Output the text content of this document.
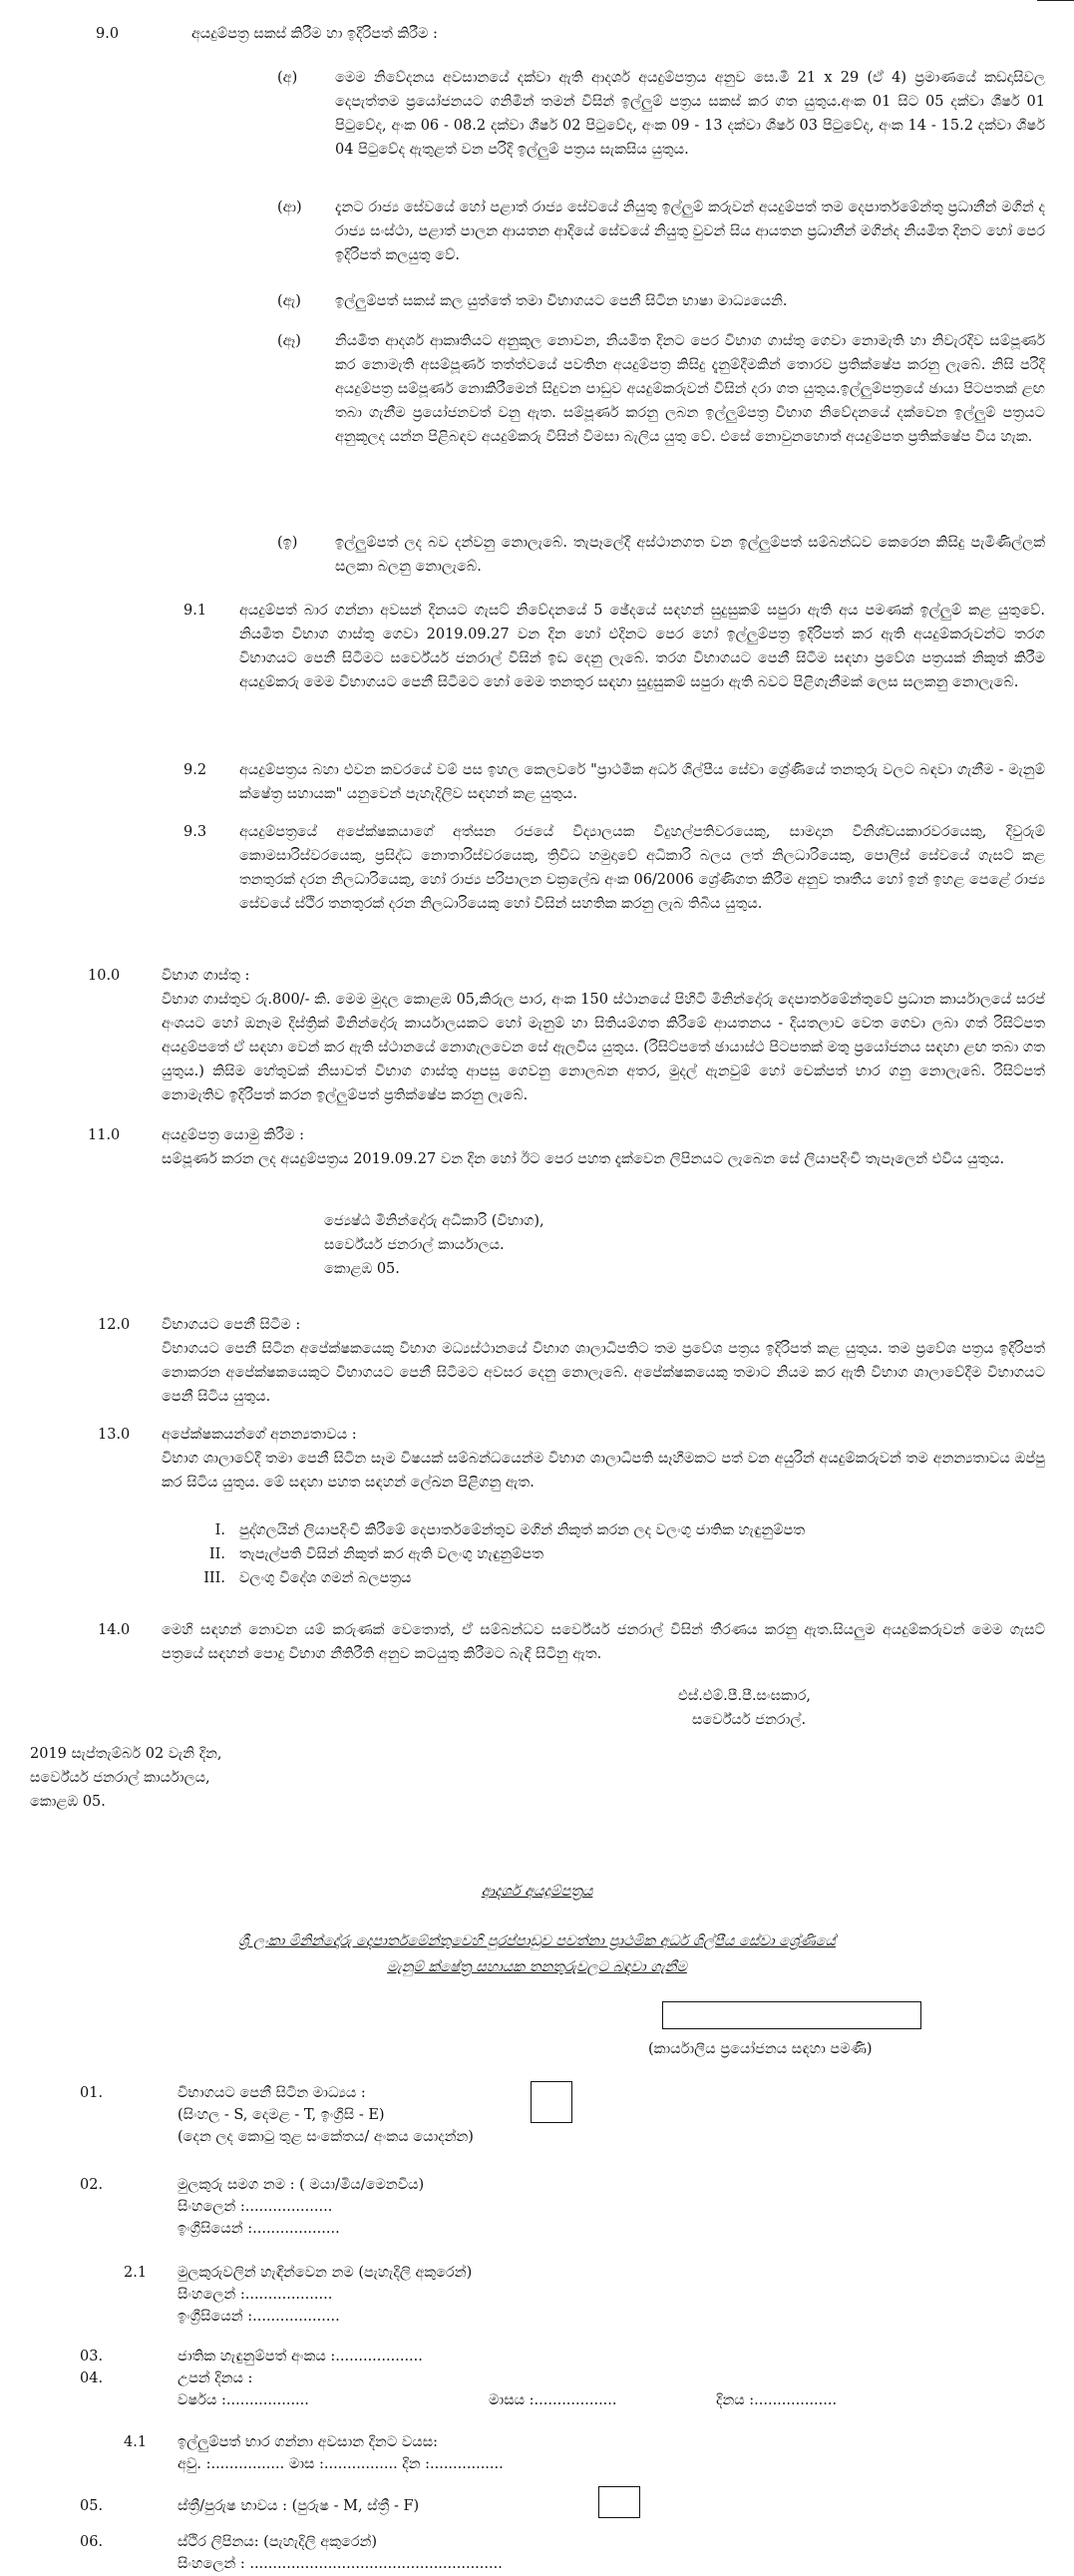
9.0	අයදුම්පත්‍ර සකස් කිරීම හා ඉදිරිපත් කිරීම :
(අ)	මෙම නිවේදනය අවසානයේ දක්වා ඇති ආදර්ශ අයදුම්පත්‍රය අනුව සෙ.මී 21 x 29 (ඒ 4) ප්‍රමාණයේ කඩදාසිවල දෙපැත්තම ප්‍රයෝජනයට ගනිමින් තමන් විසින් ඉල්ලුම් පත්‍රය සකස් කර ගත යුතුය.අංක 01 සිට 05 දක්වා ශීර්ෂ 01 පිටුවේද, අංක 06 - 08.2 දක්වා ශීර්ෂ 02 පිටුවේද, අංක 09 - 13 දක්වා ශීර්ෂ 03 පිටුවේද, අංක 14 - 15.2 දක්වා ශීර්ෂ 04 පිටුවේද ඇතුළත් වන පරිදි ඉල්ලුම් පත්‍රය සැකසිය යුතුය.
(ආ) දැනට රාජ්‍ය සේවයේ හෝ පළාත් රාජ්‍ය සේවයේ නියුතු ඉල්ලුම් කරුවන් අයදුම්පත් තම දෙපාර්තමේන්තු ප්‍රධානීන් මගින් ද රාජ්‍ය සංස්ථා, පළාත් පාලන ආයතන ආදියේ සේවයේ නියුතු වුවන් සිය ආයතන ප්‍රධානීන් මගින්ද නියමිත දිනට හෝ පෙර ඉදිරිපත් කලයුතු වේ.
(ඇ) ඉල්ලුම්පත් සකස් කල යුත්තේ තමා විභාගයට පෙනී සිටින භාෂා මාධ්‍යයෙනි.
(ඈ) නියමිත ආදර්ශ ආකෘතියට අනුකූල නොවන, නියමිත දිනට පෙර විභාග ගාස්තු ගෙවා නොමැති හා නිවැරදිව සම්පූර්ණ කර නොමැති අසම්පූර්ණ තත්ත්වයේ පවතින අයදුම්පත්‍ර කිසිදු දැනුම්දීමකින් තොරව ප්‍රතික්ෂේප කරනු ලැබේ. නිසි පරිදි අයදුම්පත්‍ර සම්පූර්ණ නොකිරීමෙන් සිදුවන පාඩුව අයදුම්කරුවන් විසින් දරා ගත යුතුය.ඉල්ලුම්පත්‍රයේ ඡායා පිටපතක් ළඟ තබා ගැනීම ප්‍රයෝජනවත් වනු ඇත. සම්පූර්ණ කරනු ලබන ඉල්ලුම්පත්‍ර විභාග නිවේදනයේ දක්වෙන ඉල්ලුම් පත්‍රයට අනුකූලද යන්න පිළිබඳව අයදුම්කරු විසින් විමසා බැලිය යුතු වේ. එසේ නොවුනහොත් අයදුම්පත ප්‍රතික්ෂේප විය හැක.
(ඉ)	ඉල්ලුම්පත් ලද බව දන්වනු නොලැබේ. තැපෑලේදී අස්ථානගත වන ඉල්ලුම්පත් සම්බන්ධව කෙරෙන කිසිදු පැමිණිල්ලක් සලකා බලනු නොලැබේ.
9.1 අයදුම්පත් බාර ගන්නා අවසන් දිනයට ගැසට් නිවේදනයේ 5 ඡේදයේ සඳහන් සුදුසුකම් සපුරා ඇති අය පමණක් ඉල්ලුම් කළ යුතුවේ. නියමිත විභාග ගාස්තු ගෙවා 2019.09.27 වන දින හෝ එදිනට පෙර හෝ ඉල්ලුම්පත්‍ර ඉදිරිපත් කර ඇති අයදුම්කරුවන්ට තරග විභාගයට පෙනී සිටීමට සර්වේයර් ජනරාල් විසින් ඉඩ දෙනු ලැබේ. තරග විභාගයට පෙනී සිටීම සඳහා ප්‍රවේශ පත්‍රයක් නිකුත් කිරීම අයදුම්කරු මෙම විභාගයට පෙනී සිටීමට හෝ මෙම තනතුර සඳහා සුදුසුකම් සපුරා ඇති බවට පිළිගැනීමක් ලෙස සලකනු නොලැබේ.
9.2 අයදුම්පත්‍රය බහා එවන කවරයේ වම් පස ඉහල කෙලවරේ "ප්‍රාථමික අර්ධ ශිල්පීය සේවා ශ්‍රේණියේ තනතුරු වලට බඳවා ගැනීම - මැනුම් ක්ෂේත්‍ර සහායක" යනුවෙන් පැහැදිලිව සඳහන් කළ යුතුය.
9.3 අයදුම්පත්‍රයේ අපේක්ෂකයාගේ අත්සන රජයේ විද්‍යාලයක විදුහල්පතිවරයෙකු, සාමදාන විනිශ්චයකාරවරයෙකු, දිවුරුම් කොමසාරිස්වරයෙකු, ප්‍රසිද්ධ නොතාරිස්වරයෙකු, ත්‍රිවිධ හමුදාවේ අධිකාරි බලය ලත් නිලධාරියෙකු, පොලිස් සේවයේ ගැසට් කළ තනතුරක් දරන නිලධාරියෙකු, හෝ රාජ්‍ය පරිපාලන චක්‍රලේඛ අංක 06/2006 ශ්‍රේණිගත කිරීම අනුව තෘතීය හෝ ඉන් ඉහළ පෙළේ රාජ්‍ය සේවයේ ස්ථිර තනතුරක් දරන නිලධාරියෙකු හෝ විසින් සහතික කරනු ලැබ තිබිය යුතුය.
10.0	විභාග ගාස්තු :
විභාග ගාස්තුව රු.800/- කි. මෙම මුදල කොළඹ 05,කිරුල පාර, අංක 150 ස්ථානයේ පිහිටි මිනින්දෝරු දෙපාර්තමේන්තුවේ ප්‍රධාන කාර්යාලයේ සරප් අංශයට හෝ ඔනෑම දිස්ත්‍රික් මිනින්දෝරු කාර්යාලයකට හෝ මැනුම් හා සිතියම්ගත කිරීමේ ආයතනය - දියතලාව වෙත ගෙවා ලබා ගත් රිසිට්පත අයදුම්පතේ ඒ සඳහා වෙන් කර ඇති ස්ථානයේ නොගැලවෙන සේ ඇලවිය යුතුය. (රිසිට්පතේ ඡායාස්ථ පිටපතක් මතු ප්‍රයෝජනය සඳහා ළඟ තබා ගත යුතුය.) කිසිම හේතුවක් නිසාවත් විභාග ගාස්තු ආපසු ගෙවනු නොලබන අතර, මුදල් ඇනවුම් හෝ චෙක්පත් භාර ගනු නොලැබේ. රිසිට්පත් නොමැතිව ඉදිරිපත් කරන ඉල්ලුම්පත් ප්‍රතික්ෂේප කරනු ලැබේ.
11.0	අයදුම්පත්‍ර යොමු කිරීම :
සම්පූර්ණ කරන ලද අයදුම්පත්‍රය 2019.09.27 වන දින හෝ ඊට පෙර පහත දැක්වෙන ලිපිනයට ලැබෙන සේ ලියාපදිංචි තැපෑලෙන් එවිය යුතුය.
ජ්‍යෙෂ්ඨ මිනින්දෝරු අධිකාරි (විභාග),
සර්වේයර් ජනරාල් කාර්යාලය.
කොළඹ 05.
12.0 විභාගයට පෙනී සිටීම :
විභාගයට පෙනී සිටින අපේක්ෂකයෙකු විභාග මධ්‍යස්ථානයේ විභාග ශාලාධිපතිට තම ප්‍රවේශ පත්‍රය ඉදිරිපත් කළ යුතුය. තම ප්‍රවේශ පත්‍රය ඉදිරිපත් නොකරන අපේක්ෂකයෙකුට විභාගයට පෙනී සිටීමට අවසර දෙනු නොලැබේ. අපේක්ෂකයෙකු තමාට නියම කර ඇති විභාග ශාලාවේදීම විභාගයට පෙනී සිටිය යුතුය.
13.0 අපේක්ෂකයන්ගේ අනන්‍යතාවය :
විභාග ශාලාවේදී තමා පෙනී සිටින සෑම විෂයක් සම්බන්ධයෙන්ම විභාග ශාලාධිපති සෑහීමකට පත් වන අයුරින් අයදුම්කරුවන් තම අනන්‍යතාවය ඔප්පු කර සිටිය යුතුය. මේ සඳහා පහත සඳහන් ලේඛන පිළිගනු ඇත.
I. පුද්ගලයින් ලියාපදිංචි කිරීමේ දෙපාර්තමේන්තුව මගින් නිකුත් කරන ලද වලංගු ජාතික හැඳුනුම්පත
II. තැපැල්පති විසින් නිකුත් කර ඇති වලංගු හැඳුනුම්පත
III. වලංගු විදේශ ගමන් බලපත්‍රය
14.0 මෙහි සඳහන් නොවන යම් කරුණක් වෙතොත්, ඒ සම්බන්ධව සර්වේයර් ජනරාල් විසින් තීරණය කරනු ඇත.සියලුම අයදුම්කරුවන් මෙම ගැසට් පත්‍රයේ සඳහන් පොදු විභාග නීතිරීති අනුව කටයුතු කිරීමට බැඳී සිටිනු ඇත.
එස්.එම්.පී.පී.සංඝකාර,
සර්වේයර් ජනරාල්.
2019 සැප්තැම්බර් 02 වැනි දින,
සර්වේයර් ජනරාල් කාර්යාලය,
කොළඹ 05.
ආදර්ශ අයදුම්පත්‍රය
ශ්‍රී ලංකා මිනින්දෝරු දෙපාර්තමේන්තුවෙහි පුරප්පාඩුව පවත්නා ප්‍රාථමික අර්ධ ශිල්පීය සේවා ශ්‍රේණියේ
මැනුම් ක්ෂේත්‍ර සහායක තනතුරුවලට බඳවා ගැනීම
(කාර්යාලීය ප්‍රයෝජනය සඳහා පමණි)
01.	විභාගයට පෙනී සිටින මාධ්‍යය :
(සිංහල - S, දෙමළ - T, ඉංග්‍රීසි - E)
(දෙන ලද කොටු තුළ සංකේතය/ අංකය යොදන්න)
02.	මුලකුරු සමග නම : ( මයා/මිය/මෙනවිය)
සිංහලෙන් :...................
ඉංග්‍රීසියෙන් :...................
2.1 මුලකුරුවලින් හැඳින්වෙන නම (පැහැදිලි අකුරෙන්)
සිංහලෙන් :...................
ඉංග්‍රීසියෙන් :...................
03.	ජාතික හැඳුනුම්පත් අංකය :...................
04.	උපන් දිනය :
වර්ෂය :..................	මාසය :..................	දිනය :..................
4.1 ඉල්ලුම්පත් භාර ගන්නා අවසාන දිනට වයස:
අවු. :................ මාස :................ දින :................
05.	ස්ත්‍රී/පුරුෂ භාවය : (පුරුෂ - M, ස්ත්‍රී - F)
06.	ස්ථිර ලිපිනය: (පැහැදිලි අකුරෙන්)
සිංහලෙන් : .......................................................
